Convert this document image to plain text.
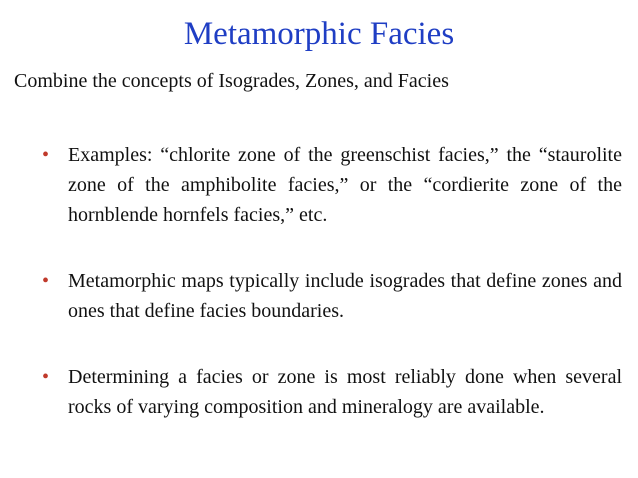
Metamorphic Facies

Combine the concepts of Isogrades, Zones, and Facies

• Examples: “chlorite zone of the greenschist facies,” the “staurolite zone of the amphibolite facies,” or the “cordierite zone of the hornblende hornfels facies,” etc.
• Metamorphic maps typically include isogrades that define zones and ones that define facies boundaries.
• Determining a facies or zone is most reliably done when several rocks of varying composition and mineralogy are available.
